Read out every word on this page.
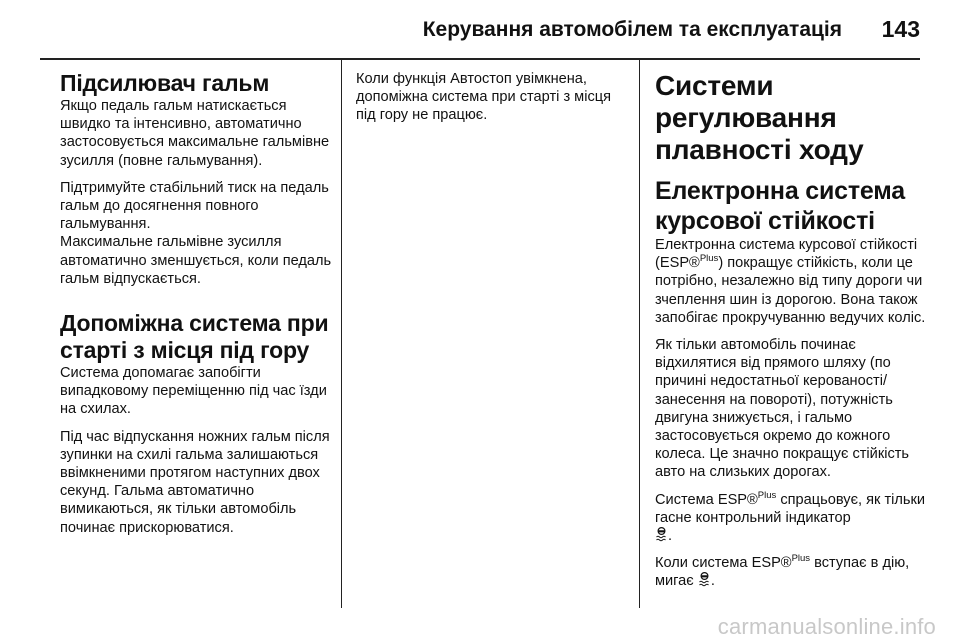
Керування автомобілем та експлуатація 143
Підсилювач гальм

Якщо педаль гальм натискається швидко та інтенсивно, автоматично застосовується максимальне гальмівне зусилля (повне гальмування).

Підтримуйте стабільний тиск на педаль гальм до досягнення повного гальмування.

Максимальне гальмівне зусилля автоматично зменшується, коли педаль гальм відпускається.

Допоміжна система при старті з місця під гору

Система допомагає запобігти випадковому переміщенню під час їзди на схилах.

Під час відпускання ножних гальм після зупинки на схилі гальма залишаються ввімкненими протягом наступних двох секунд. Гальма автоматично вимикаються, як тільки автомобіль починає прискорюватися.

Коли функція Автостоп увімкнена, допоміжна система при старті з місця під гору не працює.

Системи регулювання плавності ходу
Електронна система курсової стійкості

Електронна система курсової стійкості (ESP®$^{Plus}$) покращує стійкість, коли це потрібно, незалежно від типу дороги чи зчеплення шин із дорогою. Вона також запобігає прокручуванню ведучих коліс.

Як тільки автомобіль починає відхилятися від прямого шляху (по причині недостатньої керованості/ занесення на повороті), потужність двигуна знижується, і гальмо застосовується окремо до кожного колеса. Це значно покращує стійкість авто на слизьких дорогах.

Система ESP®$^{Plus}$ спрацьовує, як тільки гасне контрольний індикатор
.

Коли система ESP®$^{Plus}$ вступає в дію, мигає .

carmanualsonline.info
